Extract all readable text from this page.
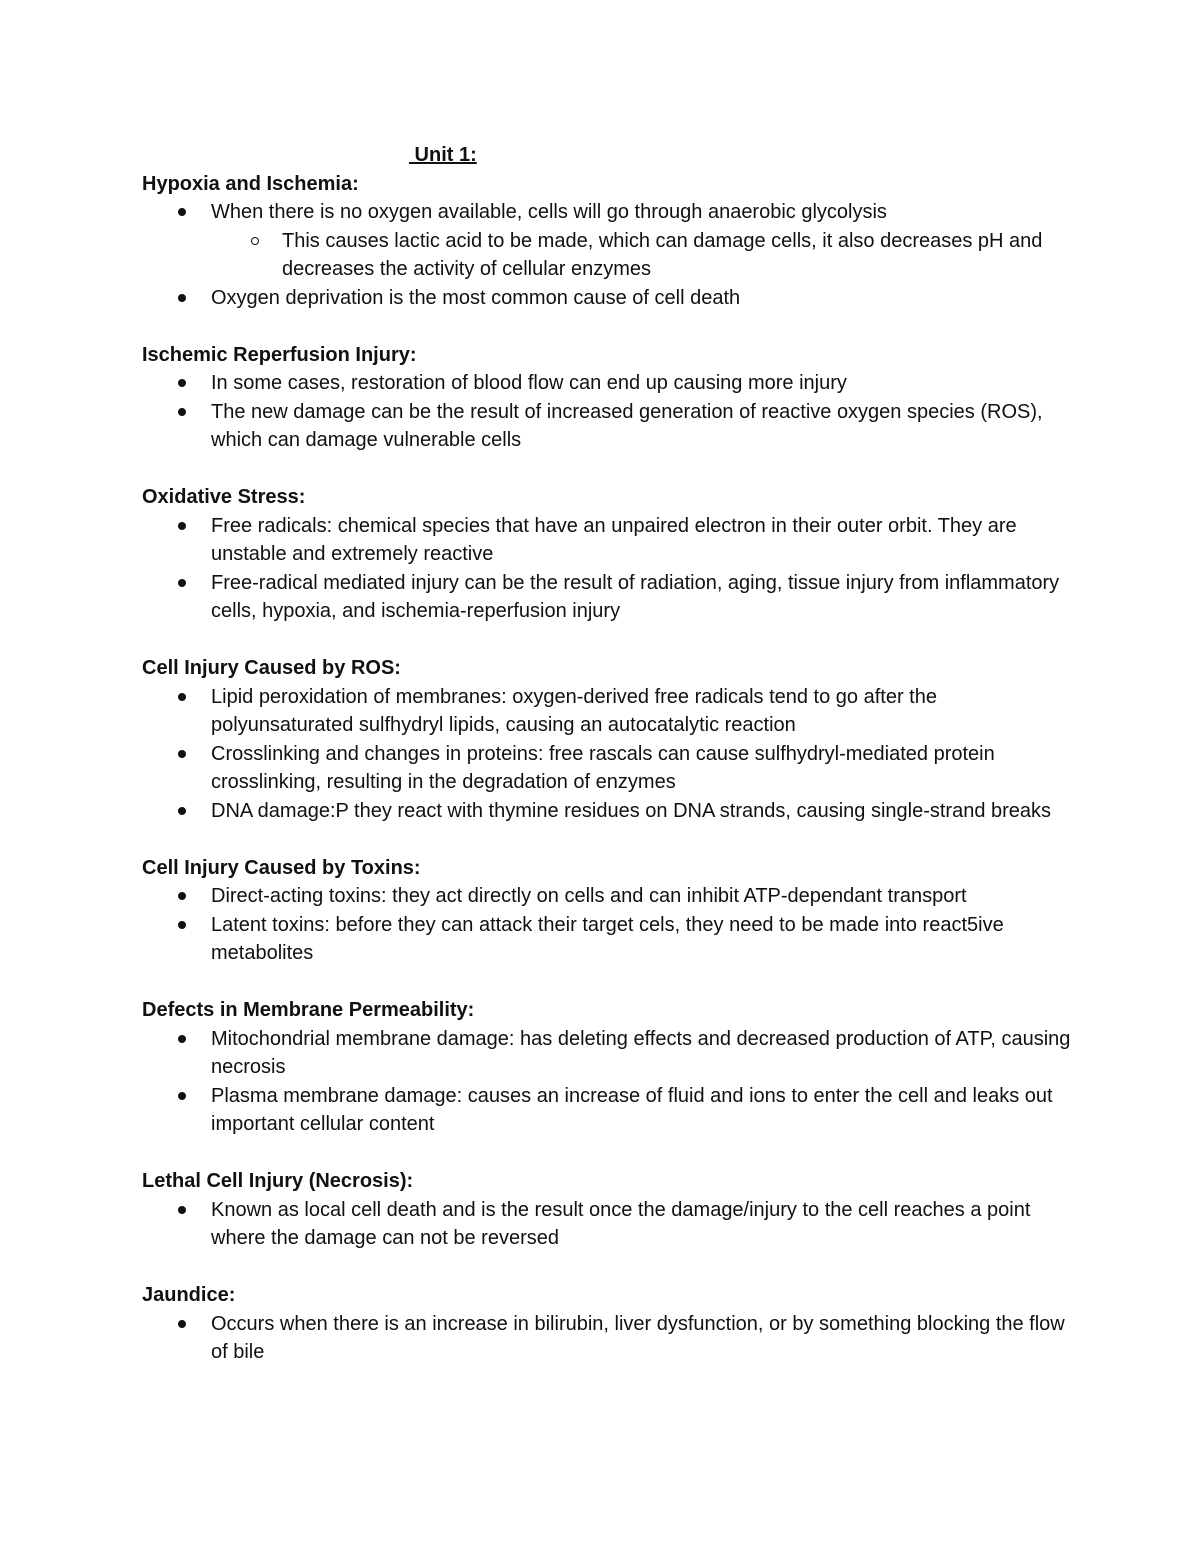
Unit 1:
Hypoxia and Ischemia:
When there is no oxygen available, cells will go through anaerobic glycolysis
This causes lactic acid to be made, which can damage cells, it also decreases pH and decreases the activity of cellular enzymes
Oxygen deprivation is the most common cause of cell death
Ischemic Reperfusion Injury:
In some cases, restoration of blood flow can end up causing more injury
The new damage can be the result of increased generation of reactive oxygen species (ROS), which can damage vulnerable cells
Oxidative Stress:
Free radicals: chemical species that have an unpaired electron in their outer orbit. They are unstable and extremely reactive
Free-radical mediated injury can be the result of radiation, aging, tissue injury from inflammatory cells, hypoxia, and ischemia-reperfusion injury
Cell Injury Caused by ROS:
Lipid peroxidation of membranes: oxygen-derived free radicals tend to go after the polyunsaturated sulfhydryl lipids, causing an autocatalytic reaction
Crosslinking and changes in proteins: free rascals can cause sulfhydryl-mediated protein crosslinking, resulting in the degradation of enzymes
DNA damage:P they react with thymine residues on DNA strands, causing single-strand breaks
Cell Injury Caused by Toxins:
Direct-acting toxins: they act directly on cells and can inhibit ATP-dependant transport
Latent toxins: before they can attack their target cels, they need to be made into react5ive metabolites
Defects in Membrane Permeability:
Mitochondrial membrane damage: has deleting effects and decreased production of ATP, causing necrosis
Plasma membrane damage: causes an increase of fluid and ions to enter the cell and leaks out important cellular content
Lethal Cell Injury (Necrosis):
Known as local cell death and is the result once the damage/injury to the cell reaches a point where the damage can not be reversed
Jaundice:
Occurs when there is an increase in bilirubin, liver dysfunction, or by something blocking the flow of bile
